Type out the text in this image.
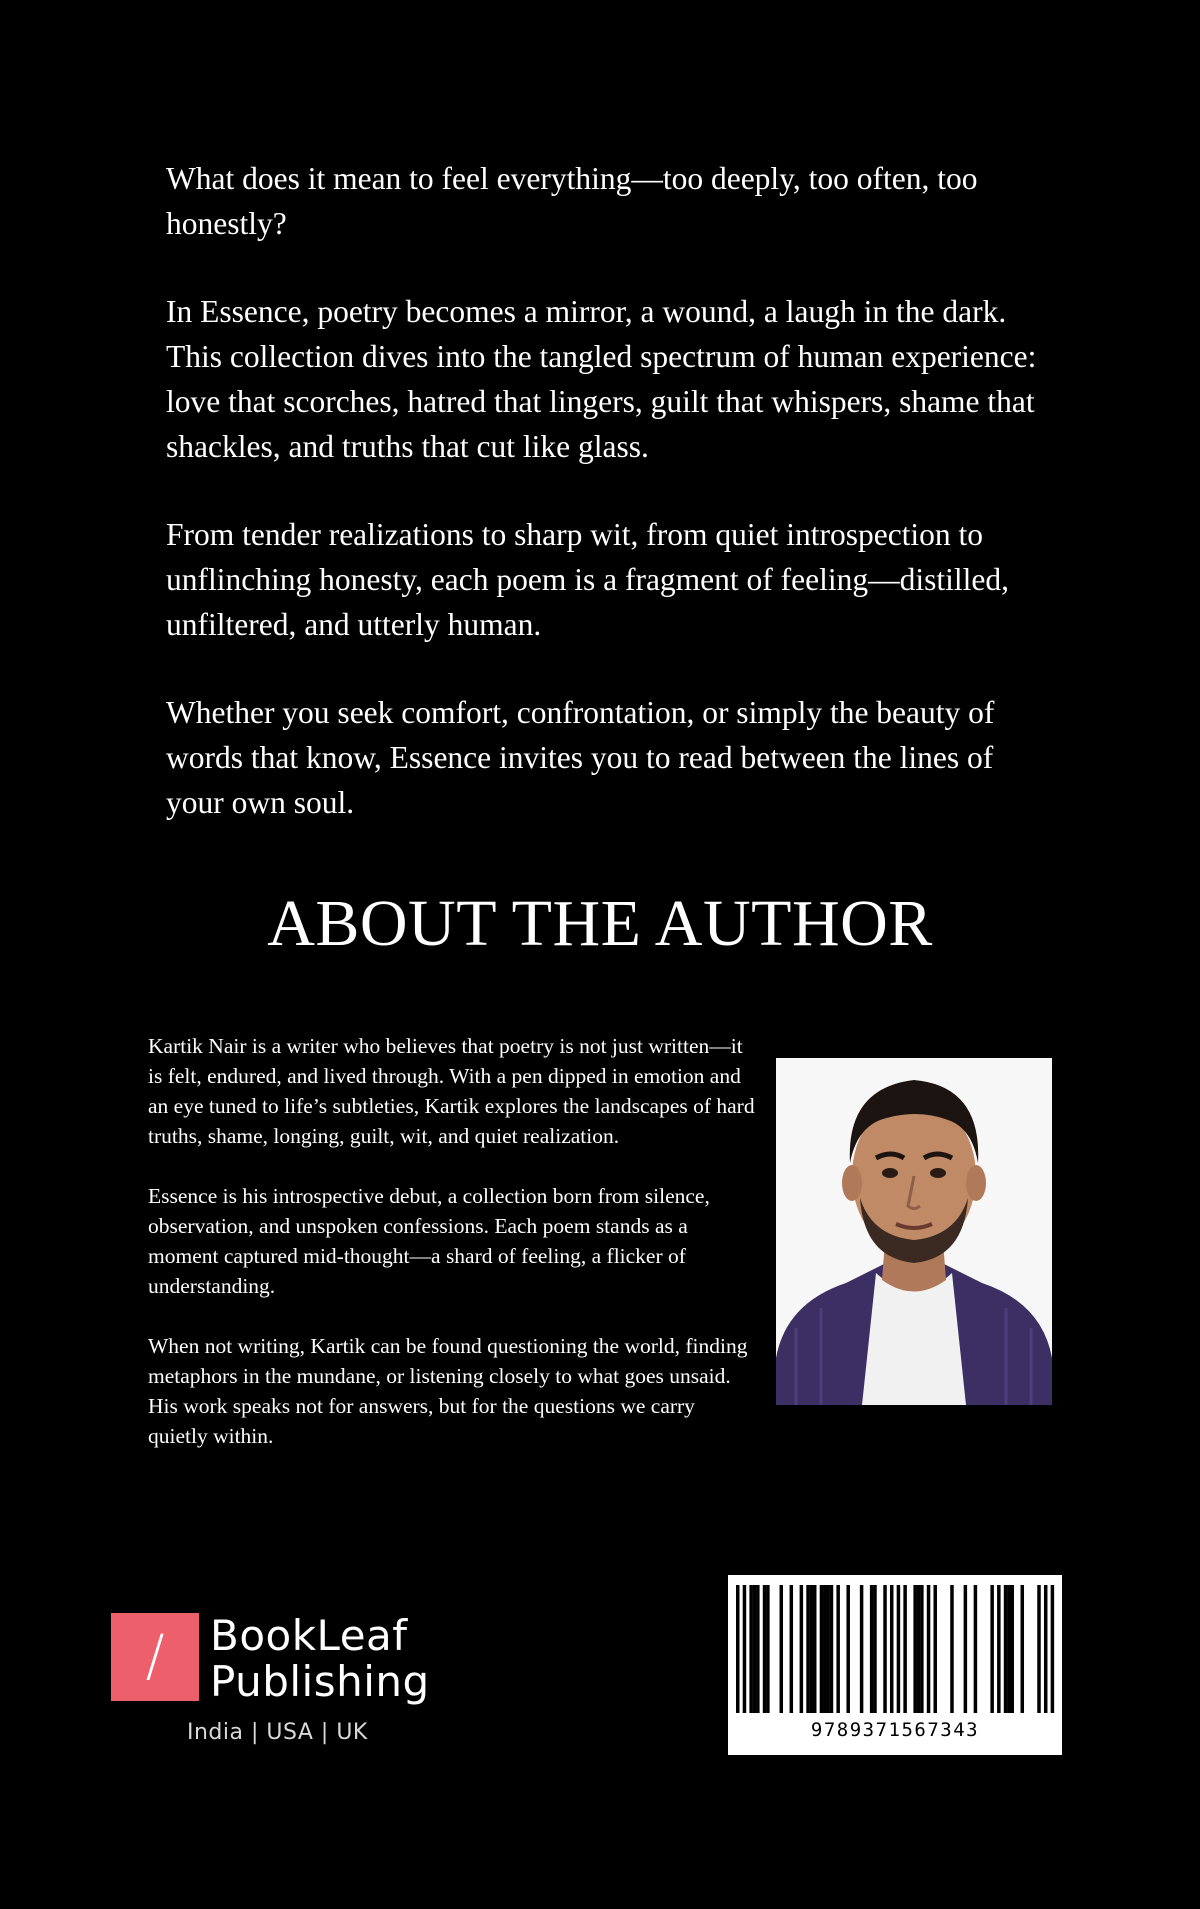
What does it mean to feel everything—too deeply, too often, too honestly?

In Essence, poetry becomes a mirror, a wound, a laugh in the dark. This collection dives into the tangled spectrum of human experience: love that scorches, hatred that lingers, guilt that whispers, shame that shackles, and truths that cut like glass.

From tender realizations to sharp wit, from quiet introspection to unflinching honesty, each poem is a fragment of feeling—distilled, unfiltered, and utterly human.

Whether you seek comfort, confrontation, or simply the beauty of words that know, Essence invites you to read between the lines of your own soul.

ABOUT THE AUTHOR

Kartik Nair is a writer who believes that poetry is not just written—it is felt, endured, and lived through. With a pen dipped in emotion and an eye tuned to life’s subtleties, Kartik explores the landscapes of hard truths, shame, longing, guilt, wit, and quiet realization.

Essence is his introspective debut, a collection born from silence, observation, and unspoken confessions. Each poem stands as a moment captured mid-thought—a shard of feeling, a flicker of understanding.

When not writing, Kartik can be found questioning the world, finding metaphors in the mundane, or listening closely to what goes unsaid. His work speaks not for answers, but for the questions we carry quietly within.

/	BookLeaf
Publishing
India | USA | UK	9789371567343
